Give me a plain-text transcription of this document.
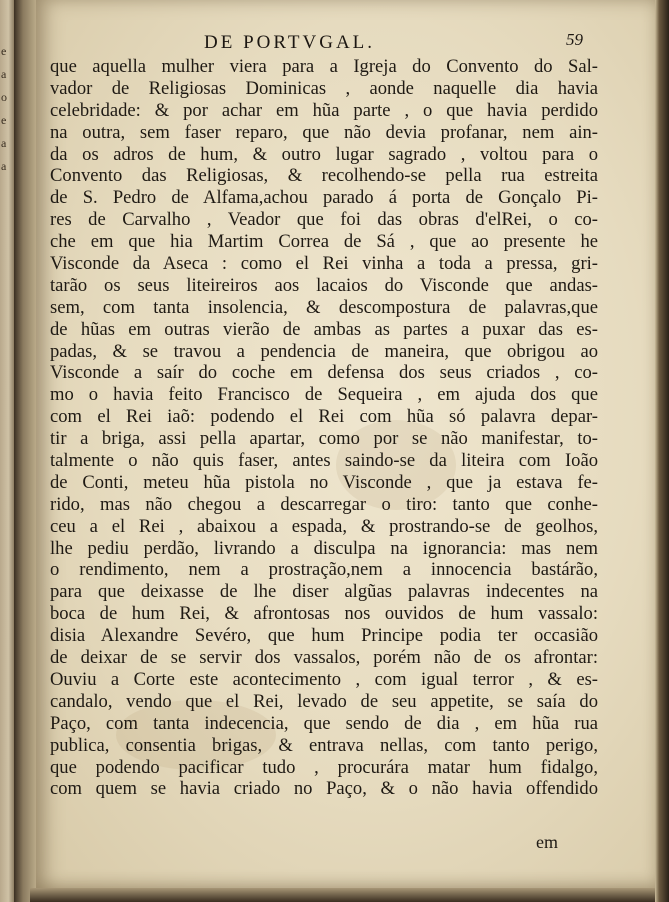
e
a
o
e
a
a
DE PORTVGAL.	59
que aquella mulher viera para a Igreja do Convento do Sal-
vador de Religiosas Dominicas , aonde naquelle dia havia
celebridade: & por achar em hũa parte , o que havia perdido
na outra, sem faser reparo, que não devia profanar, nem ain-
da os adros de hum, & outro lugar sagrado , voltou para o
Convento das Religiosas, & recolhendo-se pella rua estreita
de S. Pedro de Alfama,achou parado á porta de Gonçalo Pi-
res de Carvalho , Veador que foi das obras d'elRei, o co-
che em que hia Martim Correa de Sá , que ao presente he
Visconde da Aseca : como el Rei vinha a toda a pressa, gri-
tarão os seus liteireiros aos lacaios do Visconde que andas-
sem, com tanta insolencia, & descompostura de palavras,que
de hũas em outras vierão de ambas as partes a puxar das es-
padas, & se travou a pendencia de maneira, que obrigou ao
Visconde a saír do coche em defensa dos seus criados , co-
mo o havia feito Francisco de Sequeira , em ajuda dos que
com el Rei iaõ: podendo el Rei com hũa só palavra depar-
tir a briga, assi pella apartar, como por se não manifestar, to-
talmente o não quis faser, antes saindo-se da liteira com Ioão
de Conti, meteu hũa pistola no Visconde , que ja estava fe-
rido, mas não chegou a descarregar o tiro: tanto que conhe-
ceu a el Rei , abaixou a espada, & prostrando-se de geolhos,
lhe pediu perdão, livrando a disculpa na ignorancia: mas nem
o rendimento, nem a prostração,nem a innocencia bastárão,
para que deixasse de lhe diser algũas palavras indecentes na
boca de hum Rei, & afrontosas nos ouvidos de hum vassalo:
disia Alexandre Sevéro, que hum Principe podia ter occasião
de deixar de se servir dos vassalos, porém não de os afrontar:
Ouviu a Corte este acontecimento , com igual terror , & es-
candalo, vendo que el Rei, levado de seu appetite, se saía do
Paço, com tanta indecencia, que sendo de dia , em hũa rua
publica, consentia brigas, & entrava nellas, com tanto perigo,
que podendo pacificar tudo , procurára matar hum fidalgo,
com quem se havia criado no Paço, & o não havia offendido
em
